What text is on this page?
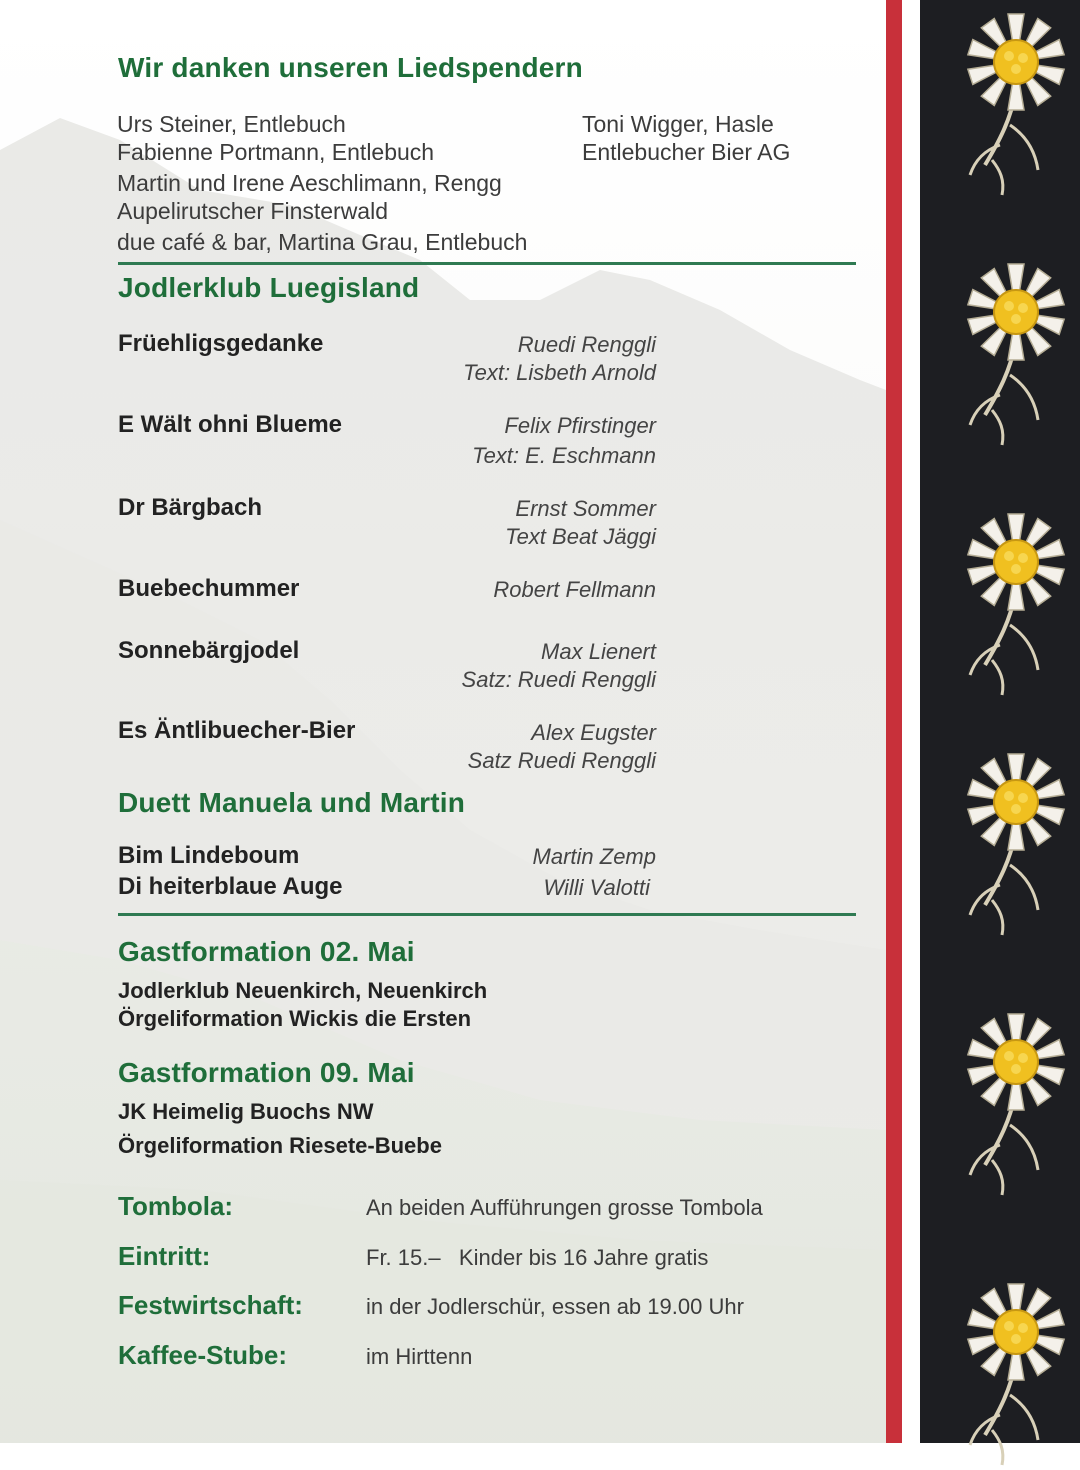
Wir danken unseren Liedspendern
Urs Steiner, Entlebuch
Fabienne Portmann, Entlebuch
Martin und Irene Aeschlimann, Rengg
Aupelirutscher Finsterwald
due café & bar, Martina Grau, Entlebuch
Toni Wigger, Hasle
Entlebucher Bier AG
Jodlerklub Luegisland
Früehligsgedanke	Ruedi Renggli
Text: Lisbeth Arnold
E Wält ohni Blueme	Felix Pfirstinger
Text: E. Eschmann
Dr Bärgbach	Ernst Sommer
Text Beat Jäggi
Buebechummer	Robert Fellmann
Sonnebärgjodel	Max Lienert
Satz: Ruedi Renggli
Es Äntlibuecher-Bier	Alex Eugster
Satz Ruedi Renggli
Duett Manuela und Martin
Bim Lindeboum	Martin Zemp
Di heiterblaue Auge	Willi Valotti
Gastformation 02. Mai
Jodlerklub Neuenkirch, Neuenkirch
Örgeliformation Wickis die Ersten
Gastformation 09. Mai
JK Heimelig Buochs NW
Örgeliformation Riesete-Buebe
Tombola:	An beiden Aufführungen grosse Tombola
Eintritt:	Fr. 15.–   Kinder bis 16 Jahre gratis
Festwirtschaft:	in der Jodlerschür, essen ab 19.00 Uhr
Kaffee-Stube:	im Hirttenn
